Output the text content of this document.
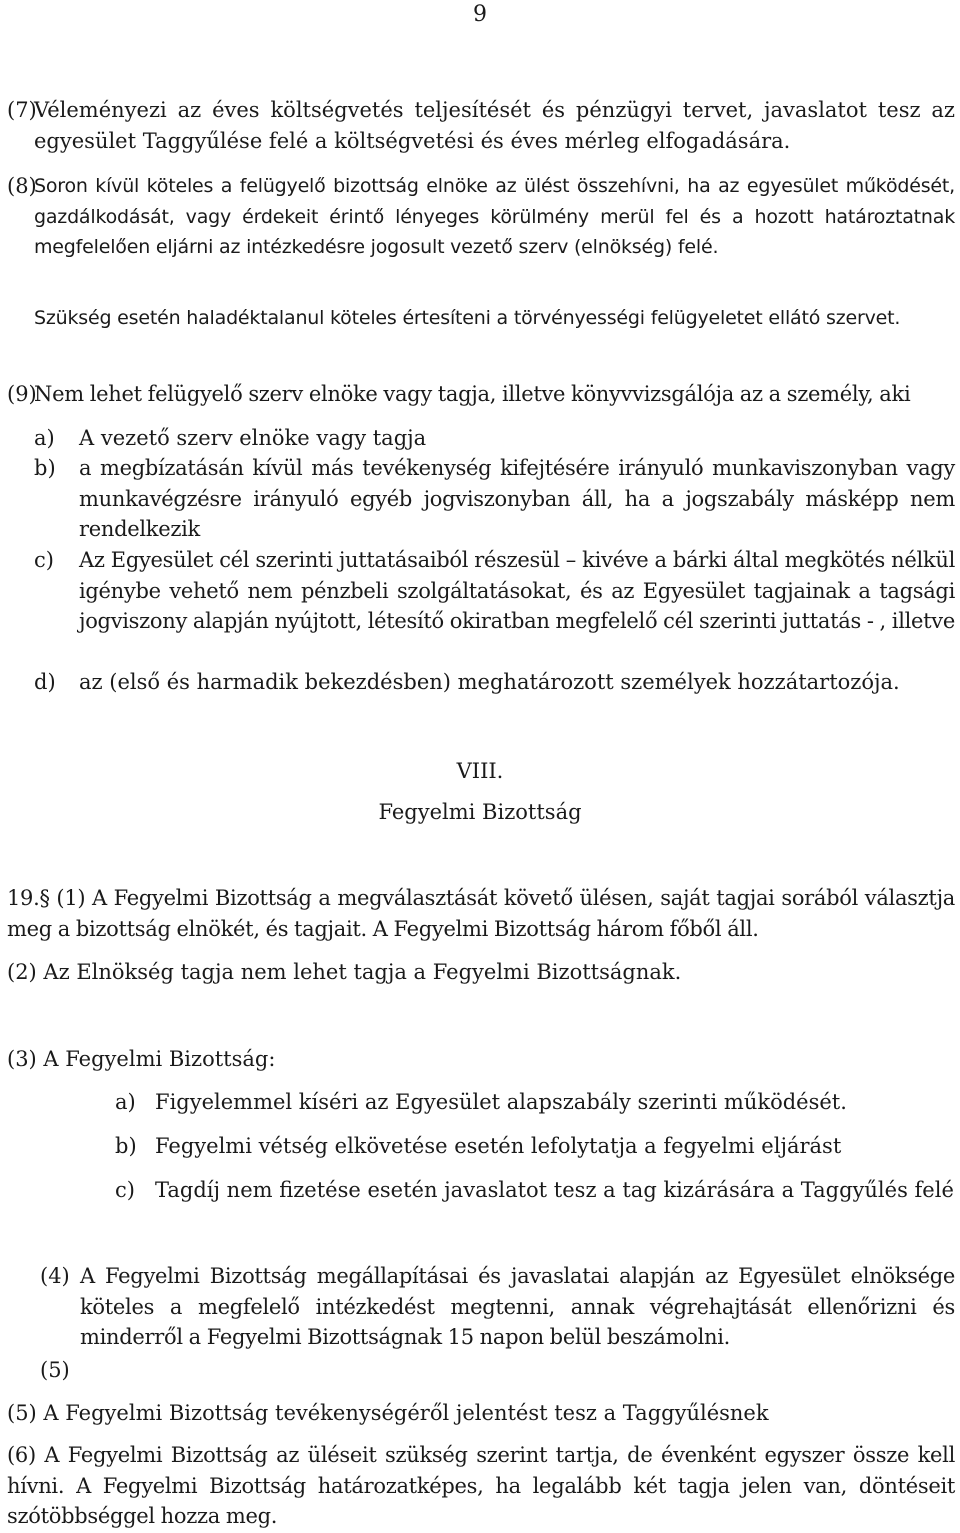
9
(7)
Véleményezi az éves költségvetés teljesítését és pénzügyi tervet, javaslatot tesz az egyesület Taggyűlése felé a költségvetési és éves mérleg elfogadására.
(8)
Soron kívül köteles a felügyelő bizottság elnöke az ülést összehívni, ha az egyesület működését, gazdálkodását, vagy érdekeit érintő lényeges körülmény merül fel és a hozott határoztatnak megfelelően eljárni az intézkedésre jogosult vezető szerv (elnökség) felé.
Szükség esetén haladéktalanul köteles értesíteni a törvényességi felügyeletet ellátó szervet.
(9)
Nem lehet felügyelő szerv elnöke vagy tagja, illetve könyvvizsgálója az a személy, aki
a) A vezető szerv elnöke vagy tagja
b) a megbízatásán kívül más tevékenység kifejtésére irányuló munkaviszonyban vagy munkavégzésre irányuló egyéb jogviszonyban áll, ha a jogszabály másképp nem rendelkezik
c) Az Egyesület cél szerinti juttatásaiból részesül – kivéve a bárki által megkötés nélkül igénybe vehető nem pénzbeli szolgáltatásokat, és az Egyesület tagjainak a tagsági jogviszony alapján nyújtott, létesítő okiratban megfelelő cél szerinti juttatás - , illetve
d) az (első és harmadik bekezdésben) meghatározott személyek hozzátartozója.
VIII.
Fegyelmi Bizottság
19.§ (1) A Fegyelmi Bizottság a megválasztását követő ülésen, saját tagjai sorából választja meg a bizottság elnökét, és tagjait. A Fegyelmi Bizottság három főből áll.
(2) Az Elnökség tagja nem lehet tagja a Fegyelmi Bizottságnak.
(3) A Fegyelmi Bizottság:
a) Figyelemmel kíséri az Egyesület alapszabály szerinti működését.
b) Fegyelmi vétség elkövetése esetén lefolytatja a fegyelmi eljárást
c) Tagdíj nem fizetése esetén javaslatot tesz a tag kizárására a Taggyűlés felé
(4) A Fegyelmi Bizottság megállapításai és javaslatai alapján az Egyesület elnöksége köteles a megfelelő intézkedést megtenni, annak végrehajtását ellenőrizni és minderről a Fegyelmi Bizottságnak 15 napon belül beszámolni.
(5)
(5) A Fegyelmi Bizottság tevékenységéről jelentést tesz a Taggyűlésnek
(6) A Fegyelmi Bizottság az üléseit szükség szerint tartja, de évenként egyszer össze kell hívni. A Fegyelmi Bizottság határozatképes, ha legalább két tagja jelen van, döntéseit szótöbbséggel hozza meg.
